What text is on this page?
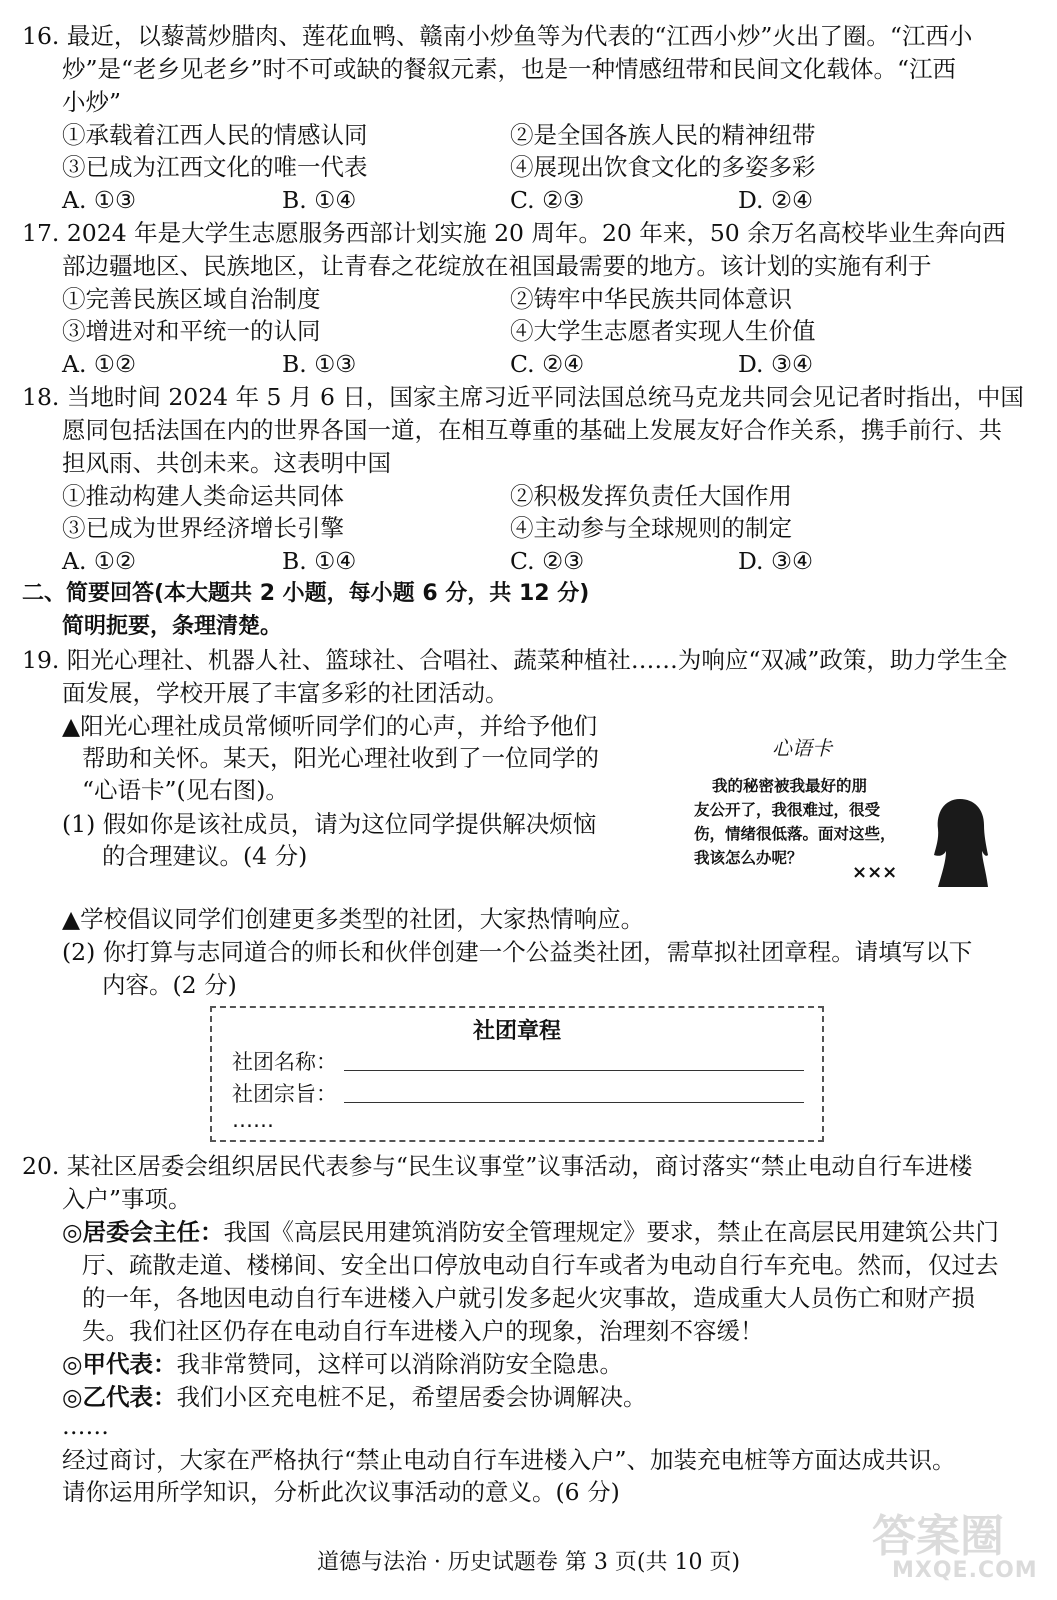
16. 最近，以藜蒿炒腊肉、莲花血鸭、赣南小炒鱼等为代表的“江西小炒”火出了圈。“江西小
炒”是“老乡见老乡”时不可或缺的餐叙元素，也是一种情感纽带和民间文化载体。“江西
小炒”
①承载着江西人民的情感认同	②是全国各族人民的精神纽带
③已成为江西文化的唯一代表	④展现出饮食文化的多姿多彩
A. ①③	B. ①④	C. ②③	D. ②④
17. 2024 年是大学生志愿服务西部计划实施 20 周年。20 年来，50 余万名高校毕业生奔向西
部边疆地区、民族地区，让青春之花绽放在祖国最需要的地方。该计划的实施有利于
①完善民族区域自治制度	②铸牢中华民族共同体意识
③增进对和平统一的认同	④大学生志愿者实现人生价值
A. ①②	B. ①③	C. ②④	D. ③④
18. 当地时间 2024 年 5 月 6 日，国家主席习近平同法国总统马克龙共同会见记者时指出，中国
愿同包括法国在内的世界各国一道，在相互尊重的基础上发展友好合作关系，携手前行、共
担风雨、共创未来。这表明中国
①推动构建人类命运共同体	②积极发挥负责任大国作用
③已成为世界经济增长引擎	④主动参与全球规则的制定
A. ①②	B. ①④	C. ②③	D. ③④
二、简要回答(本大题共 2 小题，每小题 6 分，共 12 分)
简明扼要，条理清楚。
19. 阳光心理社、机器人社、篮球社、合唱社、蔬菜种植社……为响应“双减”政策，助力学生全
面发展，学校开展了丰富多彩的社团活动。
▲阳光心理社成员常倾听同学们的心声，并给予他们
帮助和关怀。某天，阳光心理社收到了一位同学的
“心语卡”(见右图)。
(1) 假如你是该社成员，请为这位同学提供解决烦恼
的合理建议。(4 分)
心语卡
我的秘密被我最好的朋
友公开了，我很难过，很受
伤，情绪很低落。面对这些，
我该怎么办呢？
×××
▲学校倡议同学们创建更多类型的社团，大家热情响应。
(2) 你打算与志同道合的师长和伙伴创建一个公益类社团，需草拟社团章程。请填写以下
内容。(2 分)
社团章程
社团名称：
社团宗旨：
……
20. 某社区居委会组织居民代表参与“民生议事堂”议事活动，商讨落实“禁止电动自行车进楼
入户”事项。
◎居委会主任：我国《高层民用建筑消防安全管理规定》要求，禁止在高层民用建筑公共门
厅、疏散走道、楼梯间、安全出口停放电动自行车或者为电动自行车充电。然而，仅过去
的一年，各地因电动自行车进楼入户就引发多起火灾事故，造成重大人员伤亡和财产损
失。我们社区仍存在电动自行车进楼入户的现象，治理刻不容缓！
◎甲代表：我非常赞同，这样可以消除消防安全隐患。
◎乙代表：我们小区充电桩不足，希望居委会协调解决。
……
经过商讨，大家在严格执行“禁止电动自行车进楼入户”、加装充电桩等方面达成共识。
请你运用所学知识，分析此次议事活动的意义。(6 分)
道德与法治 · 历史试题卷 第 3 页(共 10 页)
答案圈
MXQE.COM
